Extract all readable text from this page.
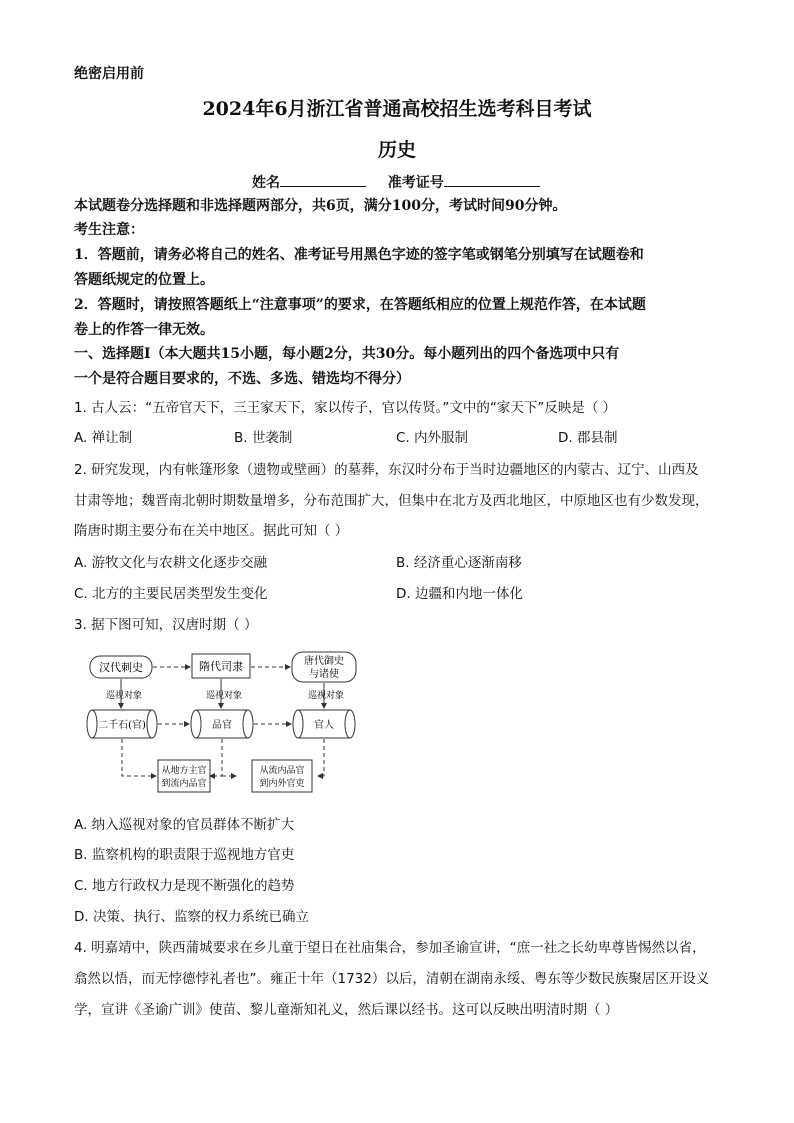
绝密启用前
2024年6月浙江省普通高校招生选考科目考试
历史
姓名	准考证号
本试题卷分选择题和非选择题两部分，共6页，满分100分，考试时间90分钟。
考生注意：
1．答题前，请务必将自己的姓名、准考证号用黑色字迹的签字笔或钢笔分别填写在试题卷和
答题纸规定的位置上。
2．答题时，请按照答题纸上“注意事项”的要求，在答题纸相应的位置上规范作答，在本试题
卷上的作答一律无效。
一、选择题Ⅰ（本大题共15小题，每小题2分，共30分。每小题列出的四个备选项中只有
一个是符合题目要求的，不选、多选、错选均不得分）
1. 古人云：“五帝官天下，三王家天下，家以传子，官以传贤。”文中的“家天下”反映是（ ）
A. 禅让制	B. 世袭制	C. 内外服制	D. 郡县制
2. 研究发现，内有帐篷形象（遗物或壁画）的墓葬，东汉时分布于当时边疆地区的内蒙古、辽宁、山西及
甘肃等地；魏晋南北朝时期数量增多，分布范围扩大，但集中在北方及西北地区，中原地区也有少数发现，
隋唐时期主要分布在关中地区。据此可知（ ）
A. 游牧文化与农耕文化逐步交融	B. 经济重心逐渐南移
C. 北方的主要民居类型发生变化	D. 边疆和内地一体化
3. 据下图可知，汉唐时期（ ）
汉代刺史	隋代司隶	唐代御史
与诸使
巡视对象	巡视对象	巡视对象
二千石(官)	品官	官人
从地方主官
到流内品官
从流内品官
到内外官吏
A. 纳入巡视对象的官员群体不断扩大
B. 监察机构的职责限于巡视地方官吏
C. 地方行政权力是现不断强化的趋势
D. 决策、执行、监察的权力系统已确立
4. 明嘉靖中，陕西蒲城要求在乡儿童于望日在社庙集合，参加圣谕宣讲，“庶一社之长幼卑尊皆惕然以省，
翕然以悟，而无悖德悖礼者也”。雍正十年（1732）以后，清朝在湖南永绥、粤东等少数民族聚居区开设义
学，宣讲《圣谕广训》使苗、黎儿童渐知礼义，然后课以经书。这可以反映出明清时期（ ）
